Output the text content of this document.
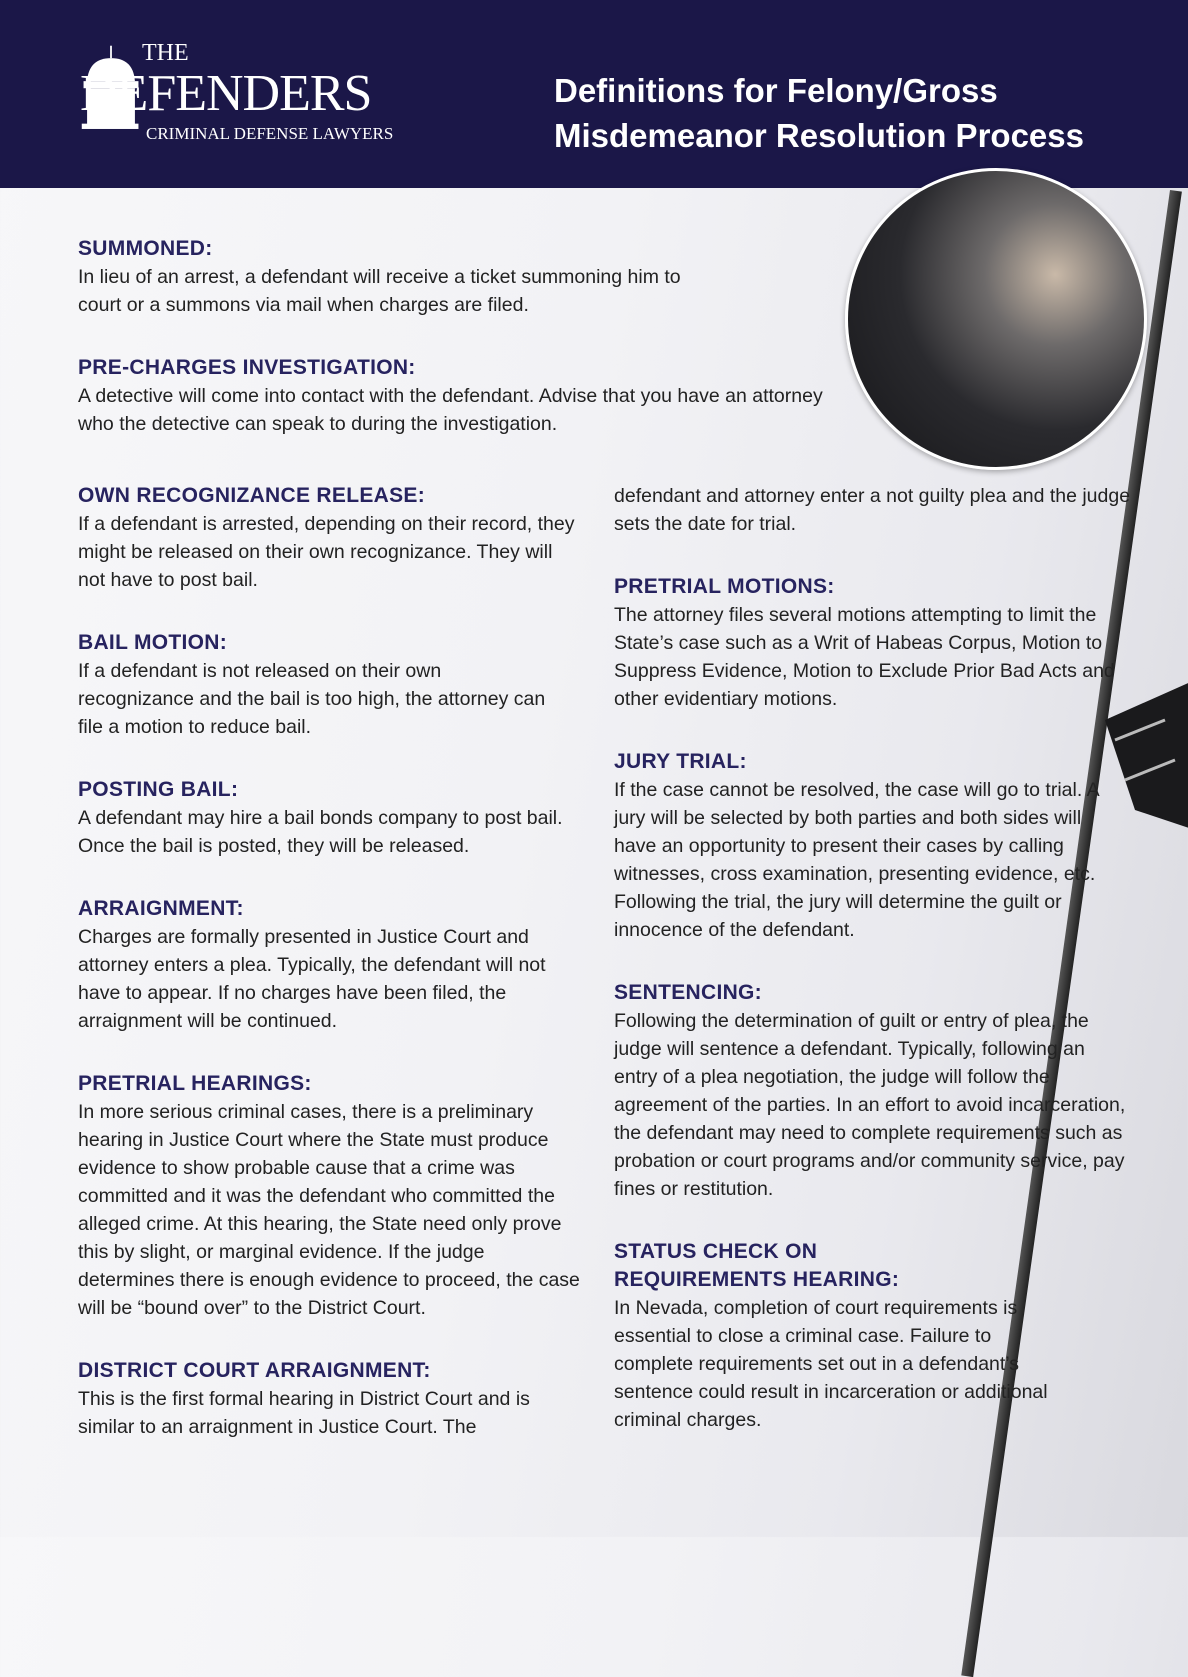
THE
DEFENDERS
CRIMINAL DEFENSE LAWYERS
Definitions for Felony/Gross
Misdemeanor Resolution Process
SUMMONED:

In lieu of an arrest, a defendant will receive a ticket summoning him to court or a summons via mail when charges are filed.

PRE-CHARGES INVESTIGATION:

A detective will come into contact with the defendant. Advise that you have an attorney who the detective can speak to during the investigation.

OWN RECOGNIZANCE RELEASE:

If a defendant is arrested, depending on their record, they might be released on their own recognizance. They will not have to post bail.

BAIL MOTION:

If a defendant is not released on their own recognizance and the bail is too high, the attorney can file a motion to reduce bail.

POSTING BAIL:

A defendant may hire a bail bonds company to post bail. Once the bail is posted, they will be released.

ARRAIGNMENT:

Charges are formally presented in Justice Court and attorney enters a plea. Typically, the defendant will not have to appear. If no charges have been filed, the arraignment will be continued.

PRETRIAL HEARINGS:

In more serious criminal cases, there is a preliminary hearing in Justice Court where the State must produce evidence to show probable cause that a crime was committed and it was the defendant who committed the alleged crime. At this hearing, the State need only prove this by slight, or marginal evidence. If the judge determines there is enough evidence to proceed, the case will be “bound over” to the District Court.

DISTRICT COURT ARRAIGNMENT:

This is the first formal hearing in District Court and is similar to an arraignment in Justice Court. The

defendant and attorney enter a not guilty plea and the judge sets the date for trial.

PRETRIAL MOTIONS:

The attorney files several motions attempting to limit the State’s case such as a Writ of Habeas Corpus, Motion to Suppress Evidence, Motion to Exclude Prior Bad Acts and other evidentiary motions.

JURY TRIAL:

If the case cannot be resolved, the case will go to trial. A jury will be selected by both parties and both sides will have an opportunity to present their cases by calling witnesses, cross examination, presenting evidence, etc. Following the trial, the jury will determine the guilt or innocence of the defendant.

SENTENCING:

Following the determination of guilt or entry of plea, the judge will sentence a defendant. Typically, following an entry of a plea negotiation, the judge will follow the agreement of the parties. In an effort to avoid incarceration, the defendant may need to complete requirements such as probation or court programs and/or community service, pay fines or restitution.

STATUS CHECK ON REQUIREMENTS HEARING:

In Nevada, completion of court requirements is essential to close a criminal case. Failure to complete requirements set out in a defendant’s sentence could result in incarceration or additional criminal charges.
